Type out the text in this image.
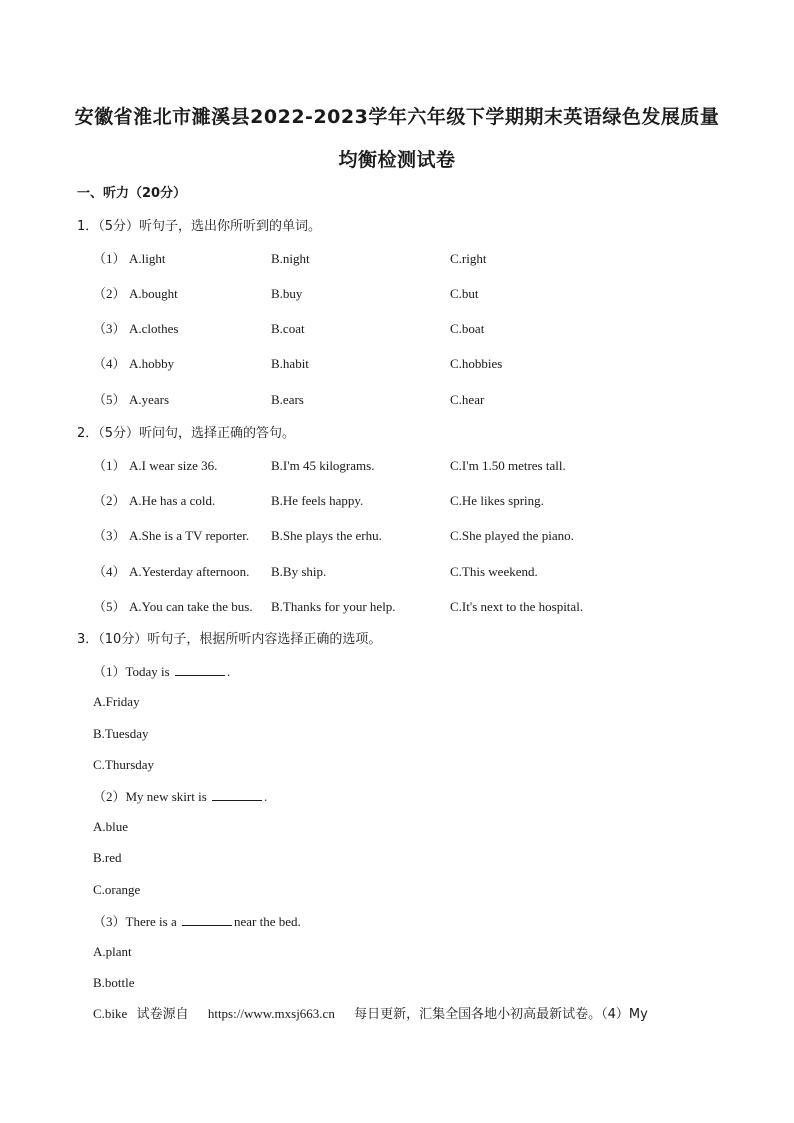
安徽省淮北市濉溪县2022-2023学年六年级下学期期末英语绿色发展质量
均衡检测试卷
一、听力（20分）
1．（5分）听句子，选出你所听到的单词。
（1） A.light	B.night	C.right
（2） A.bought	B.buy	C.but
（3） A.clothes	B.coat	C.boat
（4） A.hobby	B.habit	C.hobbies
（5） A.years	B.ears	C.hear
2．（5分）听问句，选择正确的答句。
（1） A.I wear size 36.	B.I'm 45 kilograms.	C.I'm 1.50 metres tall.
（2） A.He has a cold.	B.He feels happy.	C.He likes spring.
（3） A.She is a TV reporter. B.She plays the erhu.	C.She played the piano.
（4） A.Yesterday afternoon. B.By ship.	C.This weekend.
（5） A.You can take the bus. B.Thanks for your help.	C.It's next to the hospital.
3．（10分）听句子，根据所听内容选择正确的选项。
（1）Today is	.
A.Friday
B.Tuesday
C.Thursday
（2）My new skirt is	.
A.blue
B.red
C.orange
（3）There is a	near the bed.
A.plant
B.bottle
C.bike 试卷源自 https://www.mxsj663.cn 每日更新，汇集全国各地小初高最新试卷。（4）My
